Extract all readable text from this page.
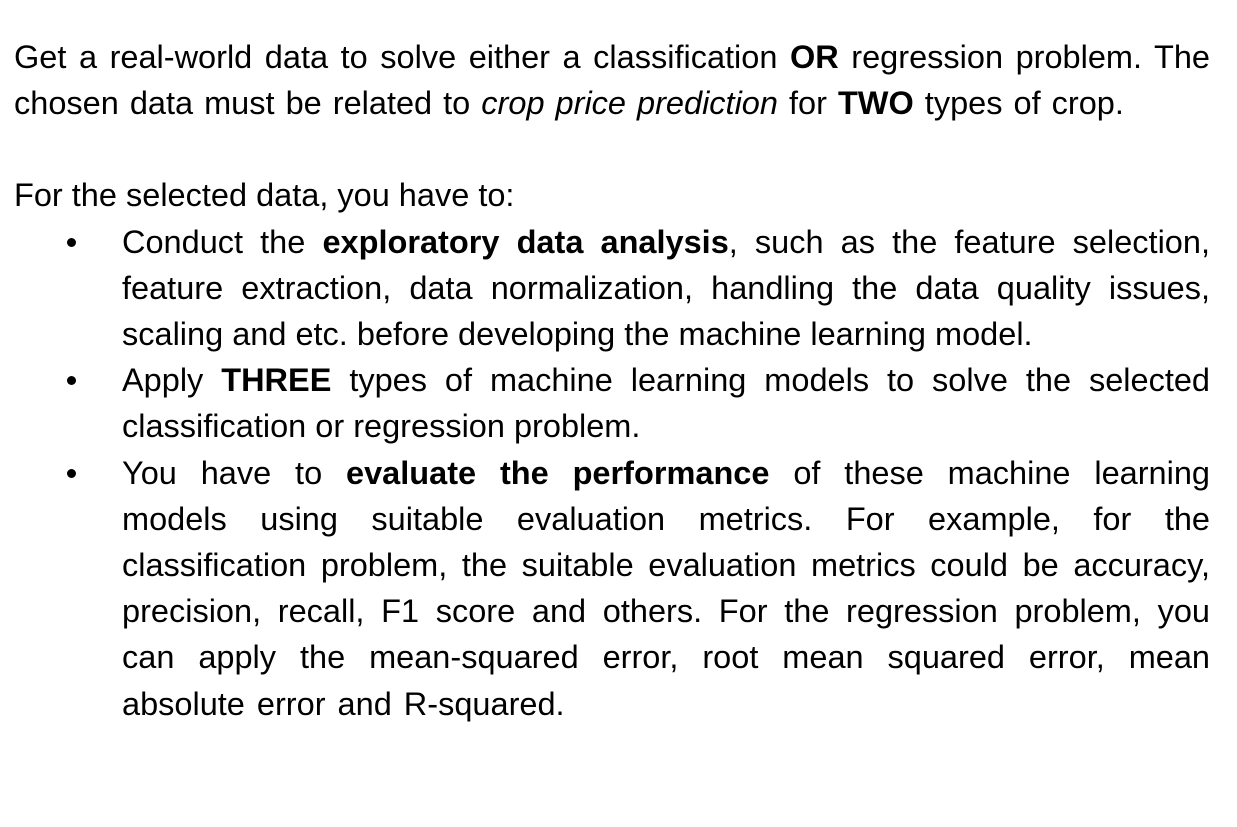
Get a real-world data to solve either a classification OR regression problem. The chosen data must be related to crop price prediction for TWO types of crop.

For the selected data, you have to:

Conduct the exploratory data analysis, such as the feature selection, feature extraction, data normalization, handling the data quality issues, scaling and etc. before developing the machine learning model.
Apply THREE types of machine learning models to solve the selected classification or regression problem.
You have to evaluate the performance of these machine learning models using suitable evaluation metrics. For example, for the classification problem, the suitable evaluation metrics could be accuracy, precision, recall, F1 score and others. For the regression problem, you can apply the mean-squared error, root mean squared error, mean absolute error and R-squared.
